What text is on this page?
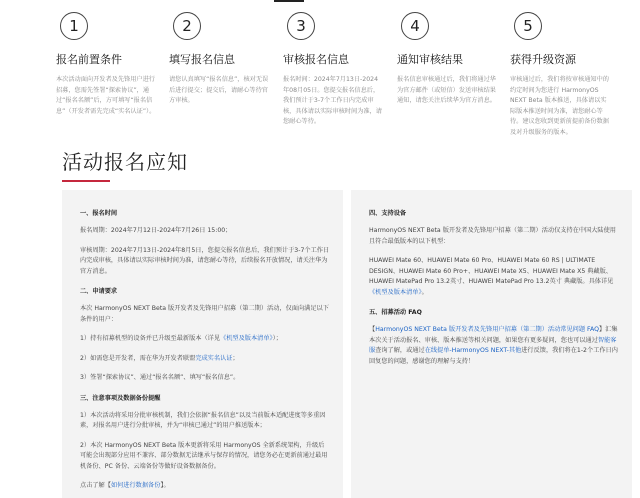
1
报名前置条件
本次活动面向开发者及先锋用户进行招募，您需先签署“探索协议”，通过“报名名额”后，方可填写“报名信息”（开发者需先完成“实名认证”）。
2
填写报名信息
请您认真填写“报名信息”，核对无误后进行提交；提交后，请耐心等待官方审核。
3
审核报名信息
报名时间：2024年7月13日-2024年08月05日。您提交报名信息后，我们预计于3-7个工作日内完成审核，具体请以实际审核时间为准，请您耐心等待。
4
通知审核结果
报名信息审核通过后，我们将通过华为官方邮件（或短信）发送审核结果通知，请您关注后续华为官方消息。
5
获得升级资源
审核通过后，我们将按审核通知中的约定时间为您进行 HarmonyOS NEXT Beta 版本推送，具体请以实际版本推送时间为准，请您耐心等待。建议您收到更新前提前备份数据及对升级服务的版本。
活动报名应知
一、报名时间
报名周期：2024年7月12日-2024年7月26日 15:00；
审核周期：2024年7月13日-2024年8月5日，您提交报名信息后，我们预计于3-7个工作日内完成审核，具体请以实际审核时间为准，请您耐心等待，后续报名开放情况，请关注华为官方消息。
二、申请要求
本次 HarmonyOS NEXT Beta 版开发者及先锋用户招募（第二期）活动，仅面向满足以下条件的用户：
1）持有招募机型的设备并已升级至最新版本（详见《机型及版本清单》）；
2）如需您是开发者，需在华为开发者联盟完成实名认证；
3）签署“探索协议”、通过“报名名额”、填写“报名信息”。
三、注意事项及数据备份提醒
1）本次活动将采用分批审核机制，我们会依据“报名信息”以及当前版本适配进度等多重因素，对报名用户进行分批审核，并为“审核已通过”的用户推送版本；
2）本次 HarmonyOS NEXT Beta 版本更新将采用 HarmonyOS 全新系统架构，升级后可能会出现部分应用不兼容、部分数据无法继承与保存的情况，请您务必在更新前通过最用机备份、PC 备份、云端备份等做好设备数据备份。
点击了解【如何进行数据备份】。
四、支持设备
HarmonyOS NEXT Beta 版开发者及先锋用户招募（第二期）活动仅支持在中国大陆使用且符合最低版本的以下机型：
HUAWEI Mate 60、HUAWEI Mate 60 Pro、HUAWEI Mate 60 RS | ULTIMATE DESIGN、HUAWEI Mate 60 Pro+、HUAWEI Mate X5、HUAWEI Mate X5 典藏版、HUAWEI MatePad Pro 13.2英寸、HUAWEI MatePad Pro 13.2英寸 典藏版。具体详见《机型及版本清单》。
五、招募活动 FAQ
【HarmonyOS NEXT Beta 版开发者及先锋用户招募（第二期）活动常见问题 FAQ】汇集本次关于活动报名、审核、版本推送等相关问题，如果您有更多疑问，您也可以通过智能客服查询了解，或通过在线提单-HarmonyOS NEXT-其他进行反馈，我们将在1-2个工作日内回复您的问题，感谢您的理解与支持！
